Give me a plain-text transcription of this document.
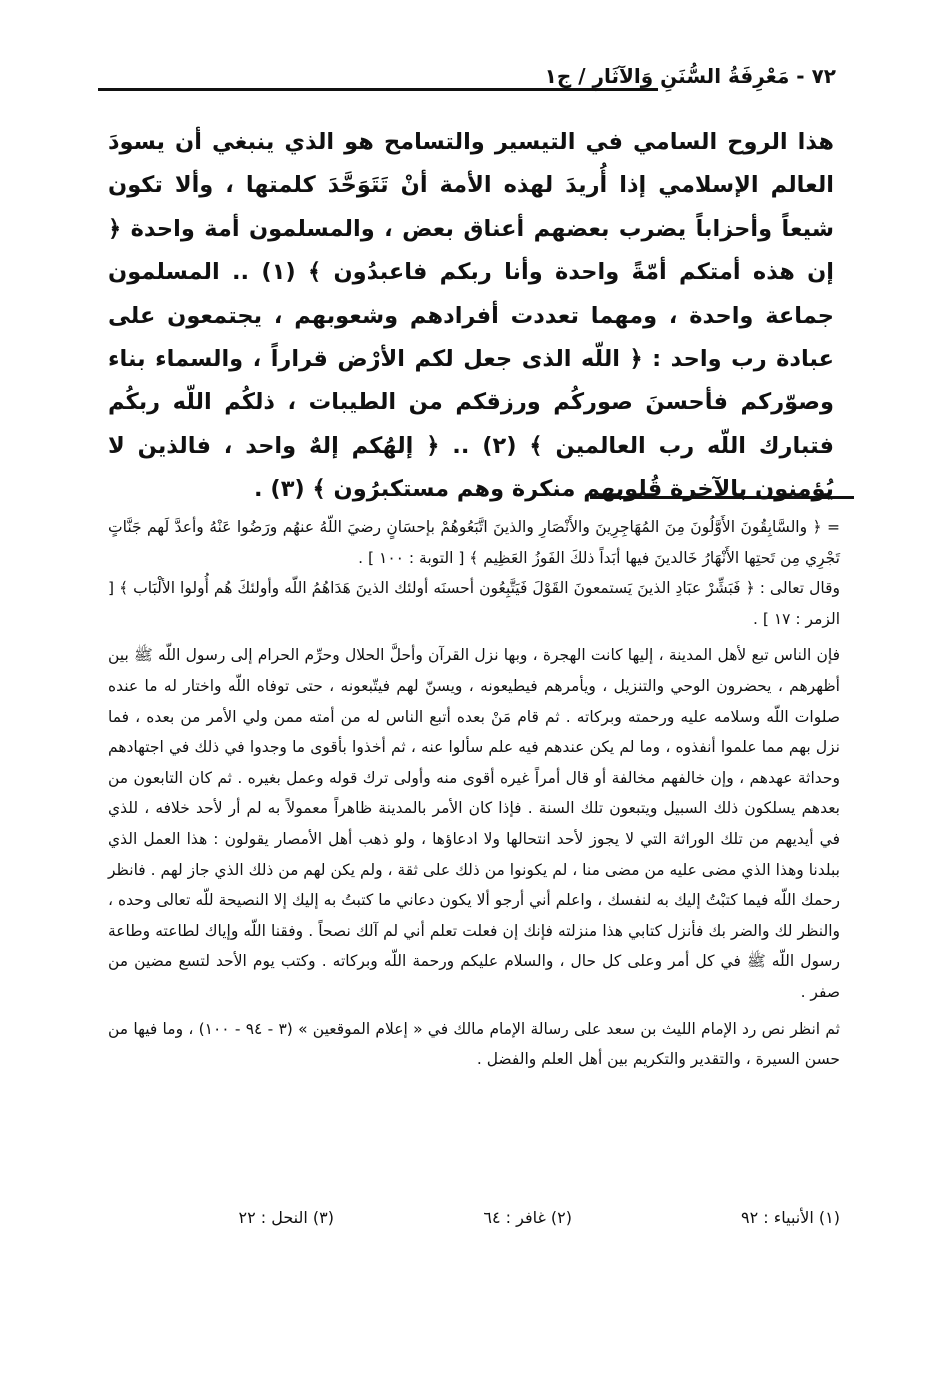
٧٢ - مَعْرِفَةُ السُّنَنِ وَالآثَارِ / ج١

هذا الروح السامي في التيسير والتسامح هو الذي ينبغي أن يسودَ العالم الإسلامي إذا أُريدَ لهذه الأمة أنْ تَتَوَحَّدَ كلمتها ، وألا تكون شيعاً وأحزاباً يضرب بعضهم أعناق بعض ، والمسلمون أمة واحدة ﴿ إن هذه أمتكم أمّةً واحدة وأنا ربكم فاعبدُون ﴾ (١) .. المسلمون جماعة واحدة ، ومهما تعددت أفرادهم وشعوبهم ، يجتمعون على عبادة رب واحد : ﴿ اللّه الذى جعل لكم الأرْض قراراً ، والسماء بناء وصوّركم فأحسنَ صوركُم ورزقكم من الطيبات ، ذلكُم اللّه ربكُم فتبارك اللّه رب العالمين ﴾ (٢) .. ﴿ إلهُكم إلهٌ واحد ، فالذين لا يُؤمنون بالآخرة قُلوبهم منكرة وهم مستكبرُون ﴾ (٣) .

= ﴿ والسَّابِقُونَ الأَوَّلُونَ مِنَ المُهَاجِرِينَ والأَنْصَارِ والذينَ اتَّبَعُوهُمْ بإحسَانٍ رضيَ اللّهُ عنهُم ورَضُوا عَنْهُ وأعدَّ لَهم جَنَّاتٍ تَجْرِي مِن تَحتِها الأَنْهَارُ خَالدينَ فيها أبَداً ذلكَ الفَوزُ العَظِيم ﴾ [ التوبة : ١٠٠ ] .

وقال تعالى : ﴿ فَبَشِّرْ عبَادِ الذينَ يَستمعونَ القَوْلَ فَيَتَّبِعُون أحسنَه أولئك الذينَ هَدَاهُمُ اللّه وأولئكَ هُم أُولوا الألْبَاب ﴾ [ الزمر : ١٧ ] .

فإن الناس تبع لأهل المدينة ، إليها كانت الهجرة ، وبها نزل القرآن وأحلَّ الحلال وحرِّم الحرام إلى رسول اللّه ﷺ بين أظهرهم ، يحضرون الوحي والتنزيل ، ويأمرهم فيطيعونه ، ويسنّ لهم فيتّبعونه ، حتى توفاه اللّه واختار له ما عنده صلوات اللّه وسلامه عليه ورحمته وبركاته . ثم قام مَنْ بعده أتبع الناس له من أمته ممن ولي الأمر من بعده ، فما نزل بهم مما علموا أنفذوه ، وما لم يكن عندهم فيه علم سألوا عنه ، ثم أخذوا بأقوى ما وجدوا في ذلك في اجتهادهم وحداثة عهدهم ، وإن خالفهم مخالفة أو قال أمراً غيره أقوى منه وأولى ترك قوله وعمل بغيره . ثم كان التابعون من بعدهم يسلكون ذلك السبيل ويتبعون تلك السنة . فإذا كان الأمر بالمدينة ظاهراً معمولاً به لم أر لأحد خلافه ، للذي في أيديهم من تلك الوراثة التي لا يجوز لأحد انتحالها ولا ادعاؤها ، ولو ذهب أهل الأمصار يقولون : هذا العمل الذي ببلدنا وهذا الذي مضى عليه من مضى منا ، لم يكونوا من ذلك على ثقة ، ولم يكن لهم من ذلك الذي جاز لهم . فانظر رحمك اللّه فيما كتبْتُ إليك به لنفسك ، واعلم أني أرجو ألا يكون دعاني ما كتبتُ به إليك إلا النصيحة للّه تعالى وحده ، والنظر لك والضر بك فأنزل كتابي هذا منزلته فإنك إن فعلت تعلم أني لم آلك نصحاً . وفقنا اللّه وإياك لطاعته وطاعة رسول اللّه ﷺ في كل أمر وعلى كل حال ، والسلام عليكم ورحمة اللّه وبركاته . وكتب يوم الأحد لتسع مضين من صفر .

ثم انظر نص رد الإمام الليث بن سعد على رسالة الإمام مالك في « إعلام الموقعين » (٣ - ٩٤ - ١٠٠) ، وما فيها من حسن السيرة ، والتقدير والتكريم بين أهل العلم والفضل .

(١) الأنبياء : ٩٢
(٢) غافر : ٦٤
(٣) النحل : ٢٢
